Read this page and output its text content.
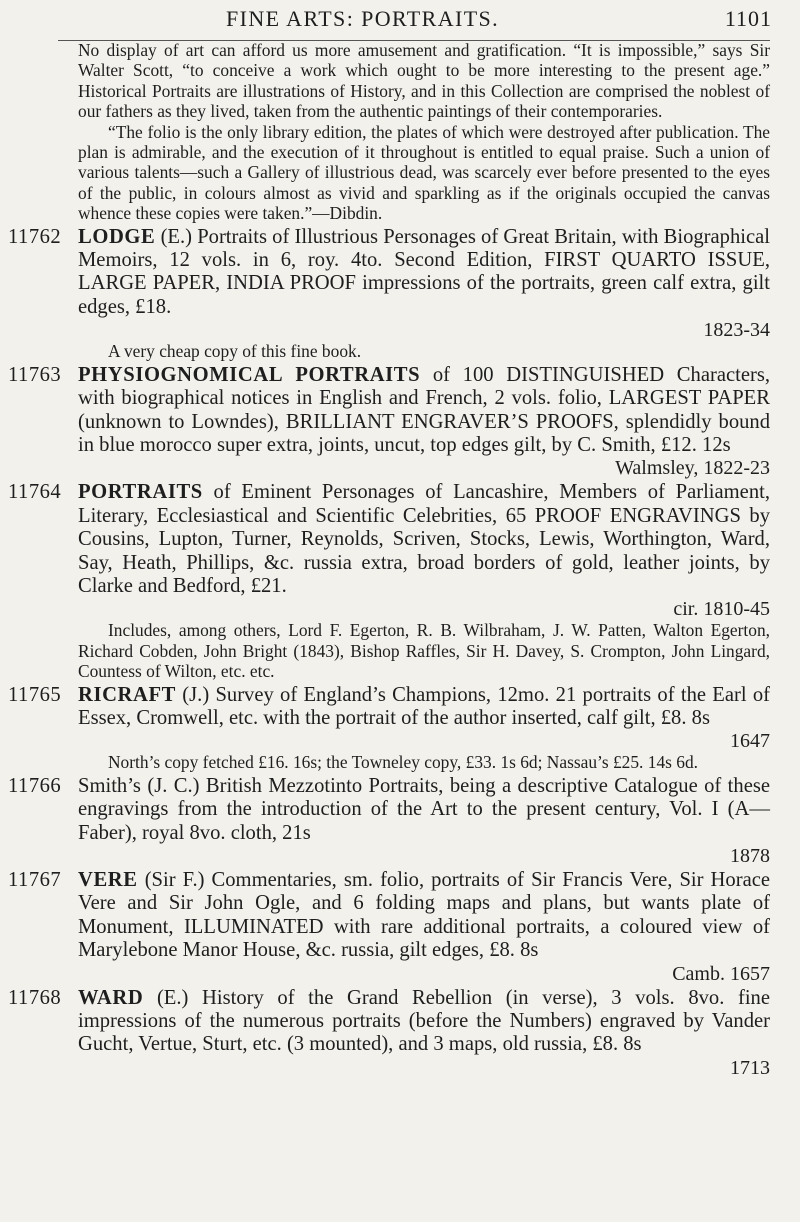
FINE ARTS: PORTRAITS.	1101

No display of art can afford us more amusement and gratification. “It is impossible,” says Sir Walter Scott, “to conceive a work which ought to be more interesting to the present age.” Historical Portraits are illustrations of History, and in this Collection are comprised the noblest of our fathers as they lived, taken from the authentic paintings of their contemporaries.

“The folio is the only library edition, the plates of which were destroyed after publication. The plan is admirable, and the execution of it throughout is entitled to equal praise. Such a union of various talents—such a Gallery of illustrious dead, was scarcely ever before presented to the eyes of the public, in colours almost as vivid and sparkling as if the originals occupied the canvas whence these copies were taken.”—Dibdin.

11762 LODGE (E.) Portraits of Illustrious Personages of Great Britain, with Biographical Memoirs, 12 vols. in 6, roy. 4to. Second Edition, FIRST QUARTO ISSUE, LARGE PAPER, INDIA PROOF impressions of the portraits, green calf extra, gilt edges, £18.
1823-34
A very cheap copy of this fine book.
11763 PHYSIOGNOMICAL PORTRAITS of 100 DISTINGUISHED Characters, with biographical notices in English and French, 2 vols. folio, LARGEST PAPER (unknown to Lowndes), BRILLIANT ENGRAVER’S PROOFS, splendidly bound in blue morocco super extra, joints, uncut, top edges gilt, by C. Smith, £12. 12s
Walmsley, 1822-23
11764 PORTRAITS of Eminent Personages of Lancashire, Members of Parliament, Literary, Ecclesiastical and Scientific Celebrities, 65 PROOF ENGRAVINGS by Cousins, Lupton, Turner, Reynolds, Scriven, Stocks, Lewis, Worthington, Ward, Say, Heath, Phillips, &c. russia extra, broad borders of gold, leather joints, by Clarke and Bedford, £21.
cir. 1810-45
Includes, among others, Lord F. Egerton, R. B. Wilbraham, J. W. Patten, Walton Egerton, Richard Cobden, John Bright (1843), Bishop Raffles, Sir H. Davey, S. Crompton, John Lingard, Countess of Wilton, etc. etc.
11765 RICRAFT (J.) Survey of England’s Champions, 12mo. 21 portraits of the Earl of Essex, Cromwell, etc. with the portrait of the author inserted, calf gilt, £8. 8s
1647
North’s copy fetched £16. 16s; the Towneley copy, £33. 1s 6d; Nassau’s £25. 14s 6d.
11766 Smith’s (J. C.) British Mezzotinto Portraits, being a descriptive Catalogue of these engravings from the introduction of the Art to the present century, Vol. I (A—Faber), royal 8vo. cloth, 21s
1878
11767 VERE (Sir F.) Commentaries, sm. folio, portraits of Sir Francis Vere, Sir Horace Vere and Sir John Ogle, and 6 folding maps and plans, but wants plate of Monument, ILLUMINATED with rare additional portraits, a coloured view of Marylebone Manor House, &c. russia, gilt edges, £8. 8s
Camb. 1657
11768 WARD (E.) History of the Grand Rebellion (in verse), 3 vols. 8vo. fine impressions of the numerous portraits (before the Numbers) engraved by Vander Gucht, Vertue, Sturt, etc. (3 mounted), and 3 maps, old russia, £8. 8s
1713
